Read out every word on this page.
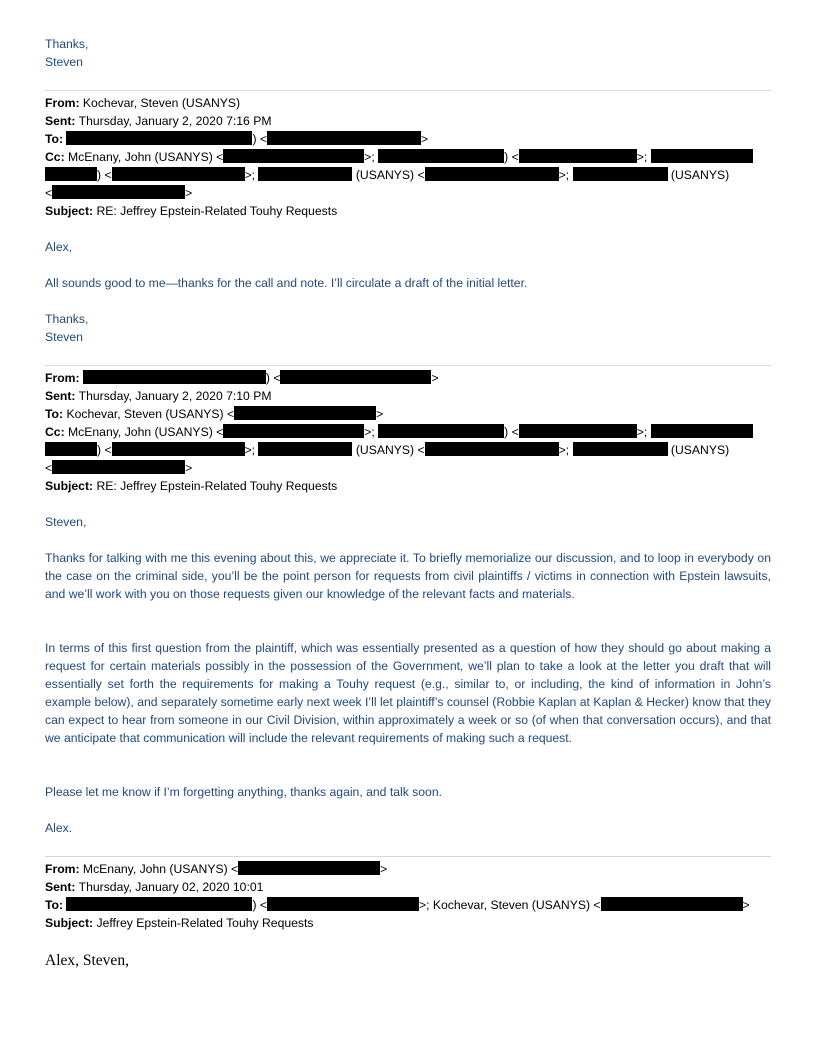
Thanks,
Steven
From: Kochevar, Steven (USANYS)
Sent: Thursday, January 2, 2020 7:16 PM
To:	) <	>
Cc: McEnany, John (USANYS) <	>;	) <	>;
) <	>;	(USANYS) <	>;	(USANYS)
<	>
Subject: RE: Jeffrey Epstein-Related Touhy Requests
Alex,
All sounds good to me—thanks for the call and note. I’ll circulate a draft of the initial letter.
Thanks,
Steven
From:	) <	>
Sent: Thursday, January 2, 2020 7:10 PM
To: Kochevar, Steven (USANYS) <	>
Cc: McEnany, John (USANYS) <	>;	) <	>;
) <	>;	(USANYS) <	>;	(USANYS)
<	>
Subject: RE: Jeffrey Epstein-Related Touhy Requests
Steven,
Thanks for talking with me this evening about this, we appreciate it. To briefly memorialize our discussion, and to loop in everybody on the case on the criminal side, you’ll be the point person for requests from civil plaintiffs / victims in connection with Epstein lawsuits, and we’ll work with you on those requests given our knowledge of the relevant facts and materials.
In terms of this first question from the plaintiff, which was essentially presented as a question of how they should go about making a request for certain materials possibly in the possession of the Government, we’ll plan to take a look at the letter you draft that will essentially set forth the requirements for making a Touhy request (e.g., similar to, or including, the kind of information in John’s example below), and separately sometime early next week I’ll let plaintiff’s counsel (Robbie Kaplan at Kaplan & Hecker) know that they can expect to hear from someone in our Civil Division, within approximately a week or so (of when that conversation occurs), and that we anticipate that communication will include the relevant requirements of making such a request.
Please let me know if I’m forgetting anything, thanks again, and talk soon.
Alex.
From: McEnany, John (USANYS) <	>
Sent: Thursday, January 02, 2020 10:01
To:	) <	>; Kochevar, Steven (USANYS) <	>
Subject: Jeffrey Epstein-Related Touhy Requests
Alex, Steven,
